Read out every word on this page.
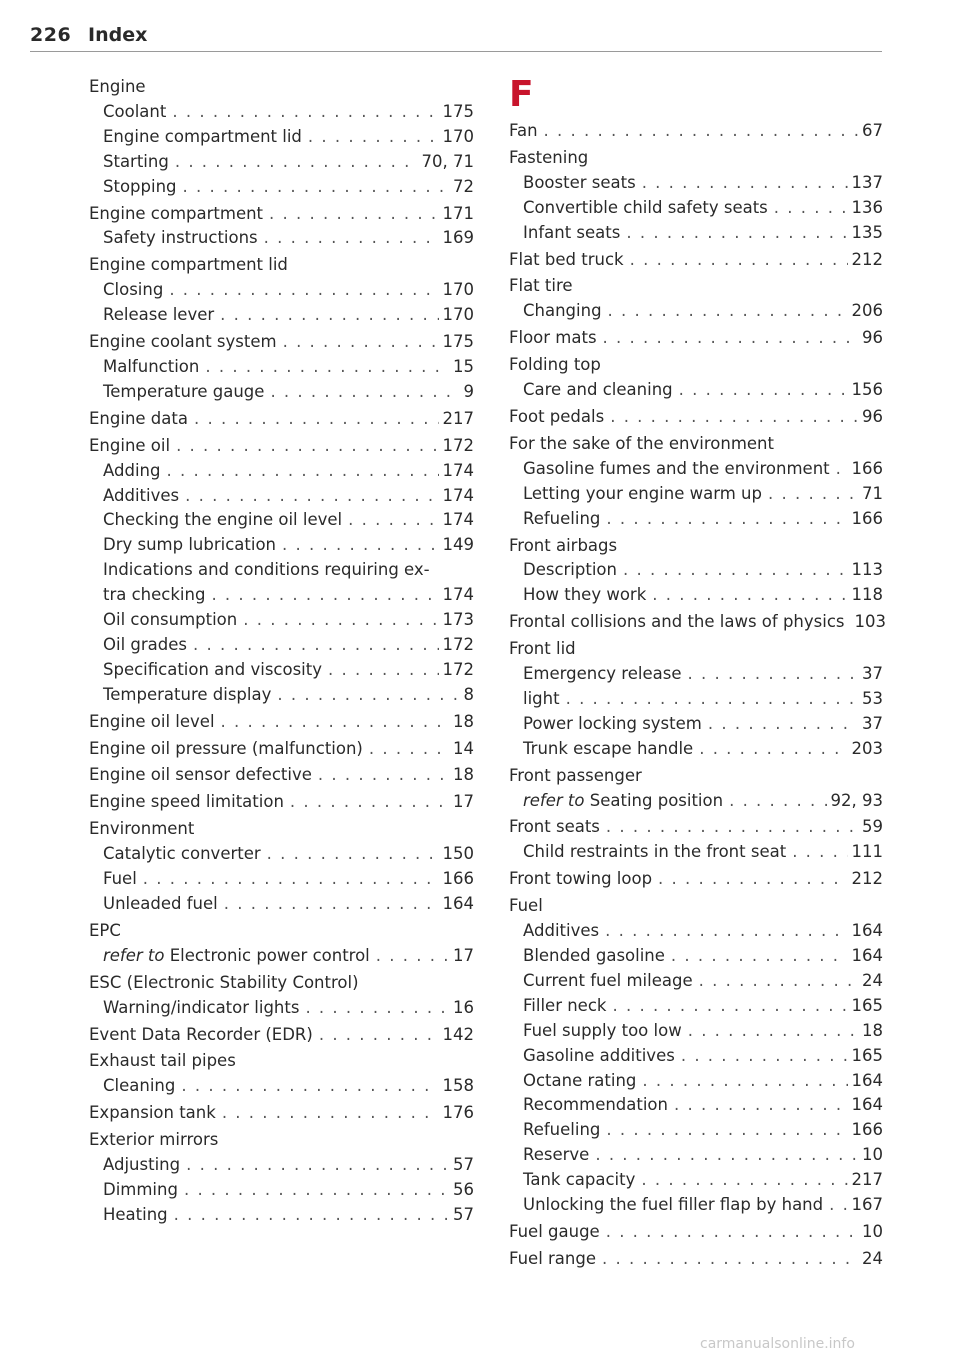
226 Index
Engine
Coolant . . .	175
Engine compartment lid . . .	170
Starting . . .	70, 71
Stopping . . .	72
Engine compartment . . .	171
Safety instructions . . .	169
Engine compartment lid
Closing . . .	170
Release lever . . .	170
Engine coolant system . . .	175
Malfunction . . .	15
Temperature gauge . . .	9
Engine data . . .	217
Engine oil . . .	172
Adding . . .	174
Additives . . .	174
Checking the engine oil level . . .	174
Dry sump lubrication . . .	149
Indications and conditions requiring ex-
tra checking . . .	174
Oil consumption . . .	173
Oil grades . . .	172
Specification and viscosity . . .	172
Temperature display . . .	8
Engine oil level . . .	18
Engine oil pressure (malfunction) . . .	14
Engine oil sensor defective . . .	18
Engine speed limitation . . .	17
Environment
Catalytic converter . . .	150
Fuel . . .	166
Unleaded fuel . . .	164
EPC
refer to Electronic power control . . .	17
ESC (Electronic Stability Control)
Warning/indicator lights . . .	16
Event Data Recorder (EDR) . . .	142
Exhaust tail pipes
Cleaning . . .	158
Expansion tank . . .	176
Exterior mirrors
Adjusting . . .	57
Dimming . . .	56
Heating . . .	57
F
Fan . . .	67
Fastening
Booster seats . . .	137
Convertible child safety seats . . .	136
Infant seats . . .	135
Flat bed truck . . .	212
Flat tire
Changing . . .	206
Floor mats . . .	96
Folding top
Care and cleaning . . .	156
Foot pedals . . .	96
For the sake of the environment
Gasoline fumes and the environment . . . 166
Letting your engine warm up . . .	71
Refueling . . .	166
Front airbags
Description . . .	113
How they work . . .	118
Frontal collisions and the laws of physics 103
Front lid
Emergency release . . .	37
light . . .	53
Power locking system . . .	37
Trunk escape handle . . .	203
Front passenger
refer to Seating position . . .	92, 93
Front seats . . .	59
Child restraints in the front seat . . .	111
Front towing loop . . .	212
Fuel
Additives . . .	164
Blended gasoline . . .	164
Current fuel mileage . . .	24
Filler neck . . .	165
Fuel supply too low . . .	18
Gasoline additives . . .	165
Octane rating . . .	164
Recommendation . . .	164
Refueling . . .	166
Reserve . . .	10
Tank capacity . . .	217
Unlocking the fuel filler flap by hand . . . 167
Fuel gauge . . .	10
Fuel range . . .	24
carmanualsonline.info
